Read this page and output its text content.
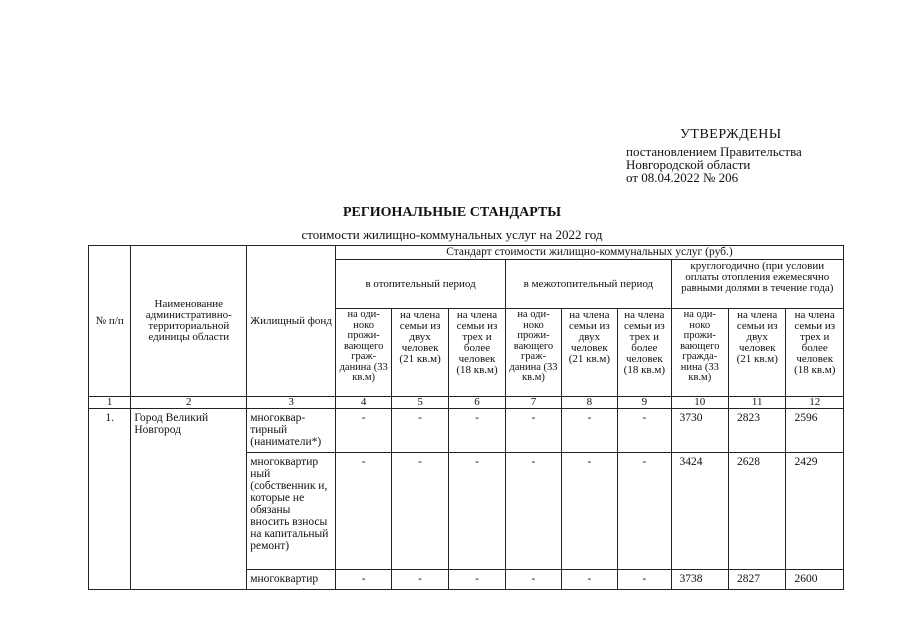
УТВЕРЖДЕНЫ
постановлением Правительства
Новгородской области
от 08.04.2022 № 206
РЕГИОНАЛЬНЫЕ СТАНДАРТЫ
стоимости жилищно-коммунальных услуг на 2022 год
№ п/п	Наименование административно-территориальной единицы области	Жилищный фонд	Стандарт стоимости жилищно-коммунальных услуг (руб.)								
			в отопительный период			в межотопительный период			круглогодично (при условии оплаты отопления ежемесячно равными долями в течение года)		
			на оди-ноко прожи-вающего граж-данина (33 кв.м)	на члена семьи из двух человек (21 кв.м)	на члена семьи из трех и более человек (18 кв.м)	на оди-ноко прожи-вающего граж-данина (33 кв.м)	на члена семьи из двух человек (21 кв.м)	на члена семьи из трех и более человек (18 кв.м)	на оди-ноко прожи-вающего гражда-нина (33 кв.м)	на члена семьи из двух человек (21 кв.м)	на члена семьи из трех и более человек (18 кв.м)
1	2	3	4	5	6	7	8	9	10	11	12
1.	Город Великий Новгород	многоквар-тирный (наниматели*)	-	-	-	-	-	-	3730	2823	2596
		многоквартир ный (собственник и, которые не обязаны вносить взносы на капитальный ремонт)	-	-	-	-	-	-	3424	2628	2429
		многоквартир	-	-	-	-	-	-	3738	2827	2600
